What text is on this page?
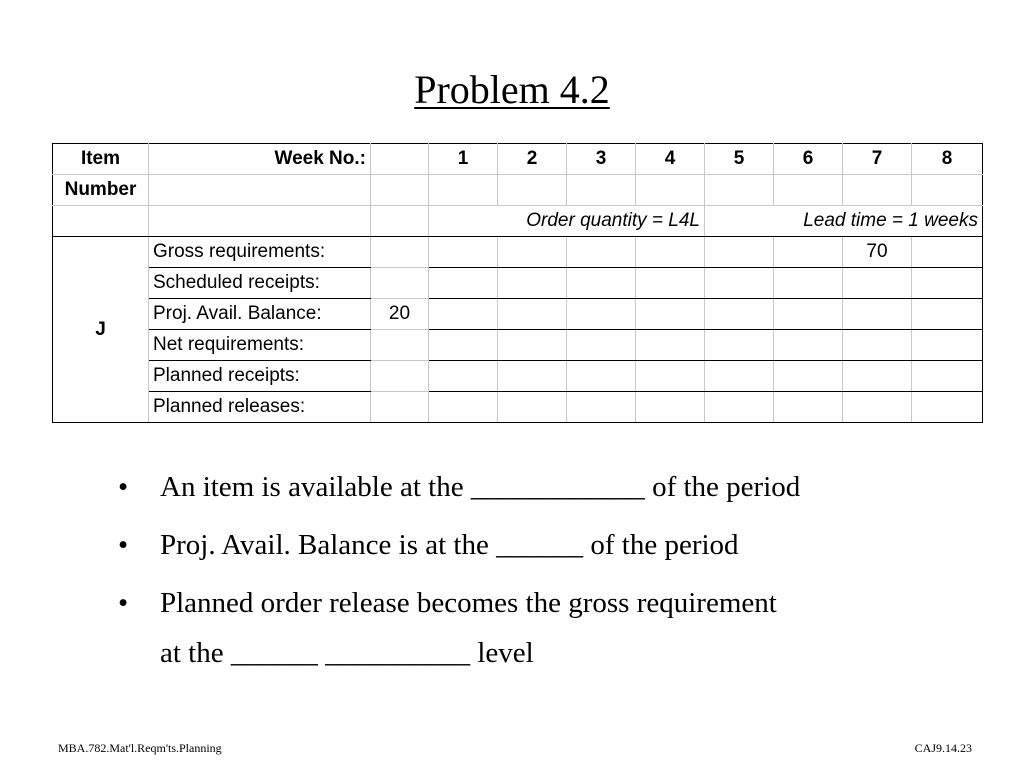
Problem 4.2
Item	Week No.:		1	2	3	4	5	6	7	8
Number										
			Order quantity = L4L				Lead time = 1 weeks			
J	Gross requirements:								70	
	Scheduled receipts:									
	Proj. Avail. Balance:	20								
	Net requirements:									
	Planned receipts:									
	Planned releases:									
• An item is available at the ____________ of the period
• Proj. Avail. Balance is at the ______ of the period
• Planned order release becomes the gross requirement
at the ______ __________ level
MBA.782.Mat'l.Reqm'ts.Planning	CAJ9.14.23
